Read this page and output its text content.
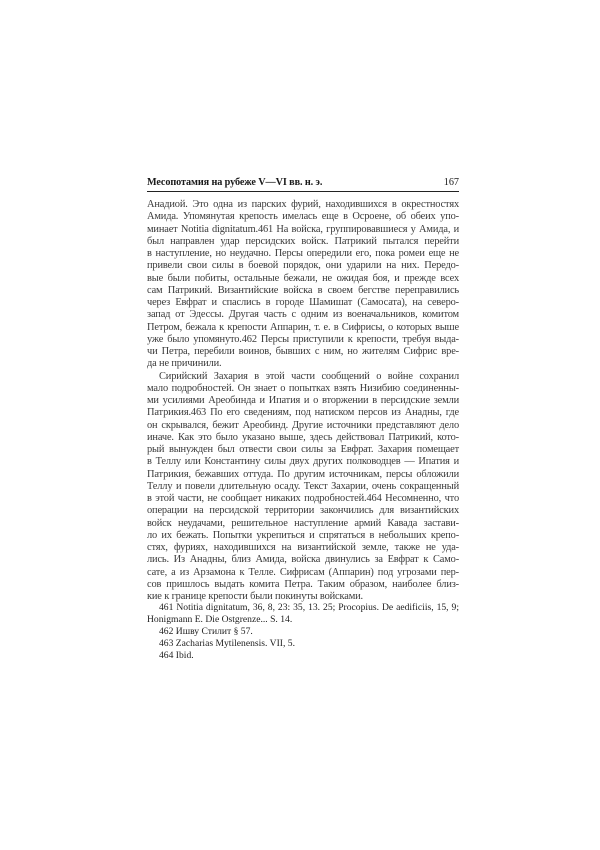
Месопотамия на рубеже V—VI вв. н. э.	167
Анадиой. Это одна из парских фурий, находившихся в окрестностях
Амида. Упомянутая крепость имелась еще в Осроене, об обеих упо-
минает Notitia dignitatum.461 На войска, группировавшиеся у Амида, и
был направлен удар персидских войск. Патрикий пытался перейти
в наступление, но неудачно. Персы опередили его, пока ромеи еще не
привели свои силы в боевой порядок, они ударили на них. Передо-
вые были побиты, остальные бежали, не ожидая боя, и прежде всех
сам Патрикий. Византийские войска в своем бегстве переправились
через Евфрат и спаслись в городе Шамишат (Самосата), на северо-
запад от Эдессы. Другая часть с одним из военачальников, комитом
Петром, бежала к крепости Аппарин, т. е. в Сифрисы, о которых выше
уже было упомянуто.462 Персы приступили к крепости, требуя выда-
чи Петра, перебили воинов, бывших с ним, но жителям Сифрис вре-
да не причинили.
Сирийский Захария в этой части сообщений о войне сохранил
мало подробностей. Он знает о попытках взять Низибию соединенны-
ми усилиями Ареобинда и Ипатия и о вторжении в персидские земли
Патрикия.463 По его сведениям, под натиском персов из Анадны, где
он скрывался, бежит Ареобинд. Другие источники представляют дело
иначе. Как это было указано выше, здесь действовал Патрикий, кото-
рый вынужден был отвести свои силы за Евфрат. Захария помещает
в Теллу или Константину силы двух других полководцев — Ипатия и
Патрикия, бежавших оттуда. По другим источникам, персы обложили
Теллу и повели длительную осаду. Текст Захарии, очень сокращенный
в этой части, не сообщает никаких подробностей.464 Несомненно, что
операции на персидской территории закончились для византийских
войск неудачами, решительное наступление армий Кавада застави-
ло их бежать. Попытки укрепиться и спрятаться в небольших крепо-
стях, фуриях, находившихся на византийской земле, также не уда-
лись. Из Анадны, близ Амида, войска двинулись за Евфрат к Само-
сате, а из Арзамона к Телле. Сифрисам (Аппарин) под угрозами пер-
сов пришлось выдать комита Петра. Таким образом, наиболее близ-
кие к границе крепости были покинуты войсками.
461 Notitia dignitatum, 36, 8, 23: 35, 13. 25; Procopius. De aedificiis, 15, 9;
Honigmann E. Die Ostgrenze... S. 14.
462 Ишву Стилит § 57.
463 Zacharias Mytilenensis. VII, 5.
464 Ibid.
